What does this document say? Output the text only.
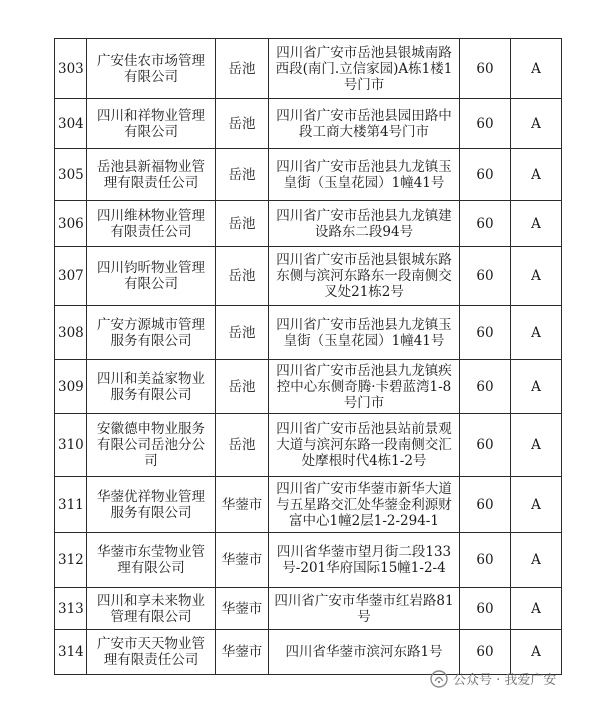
303	广安佳农市场管理有限公司	岳池	四川省广安市岳池县银城南路西段(南门.立信家园)A栋1楼1号门市	60	A
304	四川和祥物业管理有限公司	岳池	四川省广安市岳池县园田路中段工商大楼第4号门市	60	A
305	岳池县新福物业管理有限责任公司	岳池	四川省广安市岳池县九龙镇玉皇街（玉皇花园）1幢41号	60	A
306	四川维林物业管理有限责任公司	岳池	四川省广安市岳池县九龙镇建设路东二段94号	60	A
307	四川钧昕物业管理有限公司	岳池	四川省广安市岳池县银城东路东侧与滨河东路东一段南侧交叉处21栋2号	60	A
308	广安方源城市管理服务有限公司	岳池	四川省广安市岳池县九龙镇玉皇街（玉皇花园）1幢41号	60	A
309	四川和美益家物业服务有限公司	岳池	四川省广安市岳池县九龙镇疾控中心东侧奇腾·卡碧蓝湾1-8号门市	60	A
310	安徽德申物业服务有限公司岳池分公司	岳池	四川省广安市岳池县站前景观大道与滨河东路一段南侧交汇处摩根时代4栋1-2号	60	A
311	华蓥优祥物业管理服务有限公司	华蓥市	四川省广安市华蓥市新华大道与五星路交汇处华蓥金利源财富中心1幢2层1-2-294-1	60	A
312	华蓥市东莹物业管理有限公司	华蓥市	四川省华蓥市望月街二段133号-201华府国际15幢1-2-4	60	A
313	四川和享未来物业管理有限公司	华蓥市	四川省广安市华蓥市红岩路81号	60	A
314	广安市天天物业管理有限责任公司	华蓥市	四川省华蓥市滨河东路1号	60	A
公众号 · 我爱广安
